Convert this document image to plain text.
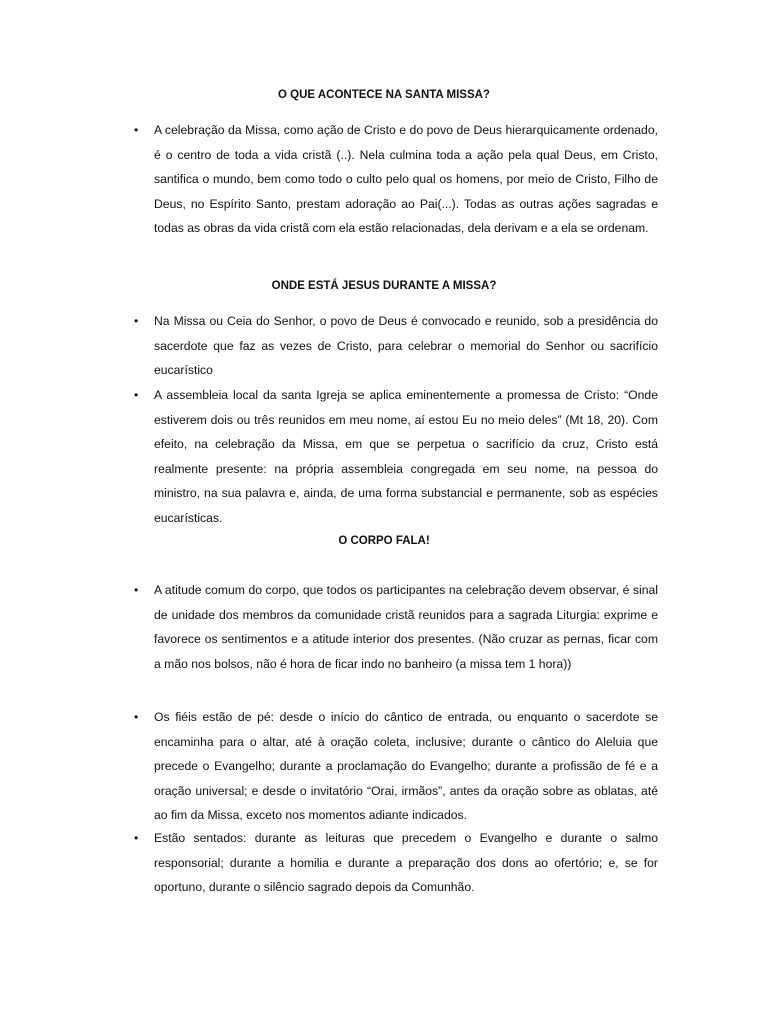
O QUE ACONTECE NA SANTA MISSA?
• A celebração da Missa, como ação de Cristo e do povo de Deus hierarquicamente ordenado, é o centro de toda a vida cristã (..). Nela culmina toda a ação pela qual Deus, em Cristo, santifica o mundo, bem como todo o culto pelo qual os homens, por meio de Cristo, Filho de Deus, no Espírito Santo, prestam adoração ao Pai(...). Todas as outras ações sagradas e todas as obras da vida cristã com ela estão relacionadas, dela derivam e a ela se ordenam.
ONDE ESTÁ JESUS DURANTE A MISSA?
• Na Missa ou Ceia do Senhor, o povo de Deus é convocado e reunido, sob a presidência do sacerdote que faz as vezes de Cristo, para celebrar o memorial do Senhor ou sacrifício eucarístico
• A assembleia local da santa Igreja se aplica eminentemente a promessa de Cristo: “Onde estiverem dois ou três reunidos em meu nome, aí estou Eu no meio deles” (Mt 18, 20). Com efeito, na celebração da Missa, em que se perpetua o sacrifício da cruz, Cristo está realmente presente: na própria assembleia congregada em seu nome, na pessoa do ministro, na sua palavra e, ainda, de uma forma substancial e permanente, sob as espécies eucarísticas.
O CORPO FALA!
• A atitude comum do corpo, que todos os participantes na celebração devem observar, é sinal de unidade dos membros da comunidade cristã reunidos para a sagrada Liturgia: exprime e favorece os sentimentos e a atitude interior dos presentes. (Não cruzar as pernas, ficar com a mão nos bolsos, não é hora de ficar indo no banheiro (a missa tem 1 hora))
• Os fiéis estão de pé: desde o início do cântico de entrada, ou enquanto o sacerdote se encaminha para o altar, até à oração coleta, inclusive; durante o cântico do Aleluia que precede o Evangelho; durante a proclamação do Evangelho; durante a profissão de fé e a oração universal; e desde o invitatório “Orai, irmãos”, antes da oração sobre as oblatas, até ao fim da Missa, exceto nos momentos adiante indicados.
• Estão sentados: durante as leituras que precedem o Evangelho e durante o salmo responsorial; durante a homilia e durante a preparação dos dons ao ofertório; e, se for oportuno, durante o silêncio sagrado depois da Comunhão.
